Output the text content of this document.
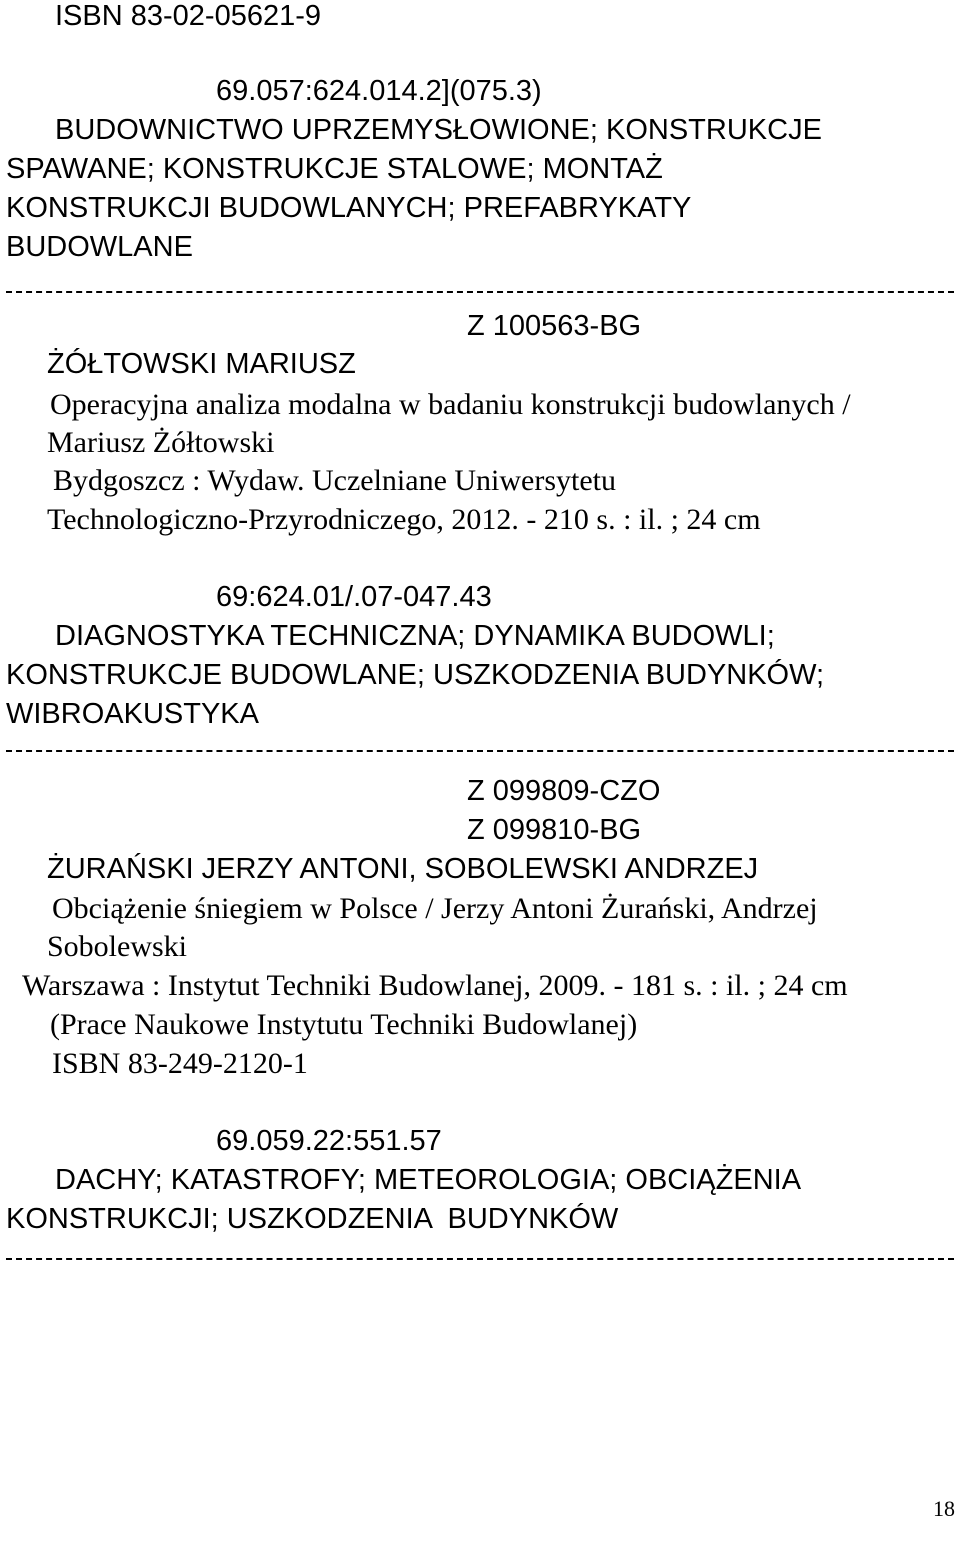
ISBN 83-02-05621-9
69.057:624.014.2](075.3)
BUDOWNICTWO UPRZEMYSŁOWIONE; KONSTRUKCJE
SPAWANE; KONSTRUKCJE STALOWE; MONTAŻ
KONSTRUKCJI BUDOWLANYCH; PREFABRYKATY
BUDOWLANE
Z 100563-BG
ŻÓŁTOWSKI MARIUSZ
Operacyjna analiza modalna w badaniu konstrukcji budowlanych /
Mariusz Żółtowski
Bydgoszcz : Wydaw. Uczelniane Uniwersytetu
Technologiczno-Przyrodniczego, 2012. - 210 s. : il. ; 24 cm
69:624.01/.07-047.43
DIAGNOSTYKA TECHNICZNA; DYNAMIKA BUDOWLI;
KONSTRUKCJE BUDOWLANE; USZKODZENIA BUDYNKÓW;
WIBROAKUSTYKA
Z 099809-CZO
Z 099810-BG
ŻURAŃSKI JERZY ANTONI, SOBOLEWSKI ANDRZEJ
Obciążenie śniegiem w Polsce / Jerzy Antoni Żurański, Andrzej
Sobolewski
Warszawa : Instytut Techniki Budowlanej, 2009. - 181 s. : il. ; 24 cm
(Prace Naukowe Instytutu Techniki Budowlanej)
ISBN 83-249-2120-1
69.059.22:551.57
DACHY; KATASTROFY; METEOROLOGIA; OBCIĄŻENIA
KONSTRUKCJI; USZKODZENIA  BUDYNKÓW
18
